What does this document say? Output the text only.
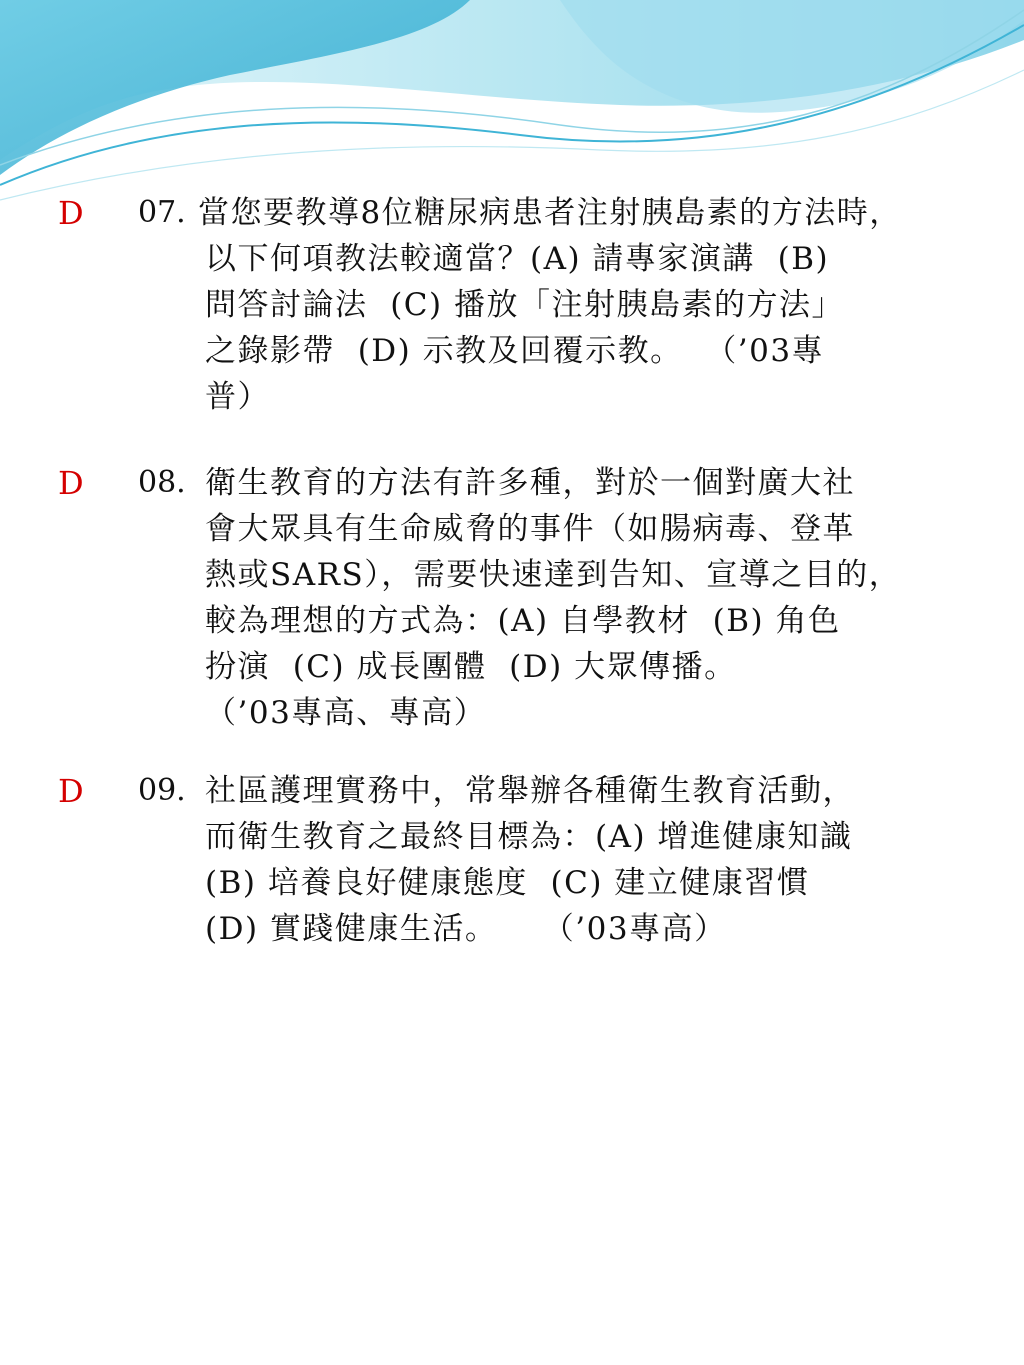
D 07. 當您要教導8位糖尿病患者注射胰島素的方法時，
以下何項教法較適當？(A) 請專家演講  (B)
問答討論法  (C) 播放「注射胰島素的方法」
之錄影帶  (D) 示教及回覆示教。  （’03專
普）
D 08. 衛生教育的方法有許多種，對於一個對廣大社
會大眾具有生命威脅的事件（如腸病毒、登革
熱或SARS），需要快速達到告知、宣導之目的，
較為理想的方式為：(A) 自學教材  (B) 角色
扮演  (C) 成長團體  (D) 大眾傳播。
（’03專高、專高）
D 09. 社區護理實務中，常舉辦各種衛生教育活動，
而衛生教育之最終目標為：(A) 增進健康知識
(B) 培養良好健康態度  (C) 建立健康習慣
(D) 實踐健康生活。    （’03專高）
